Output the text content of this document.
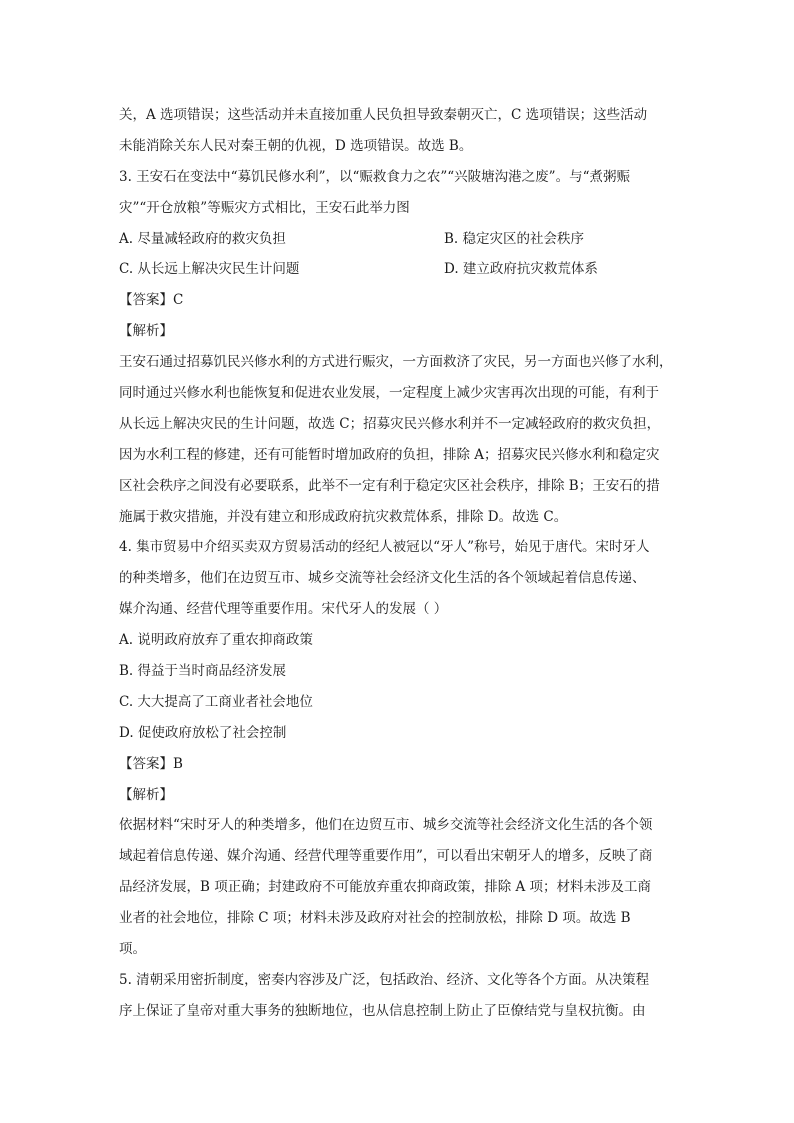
关，A 选项错误；这些活动并未直接加重人民负担导致秦朝灭亡，C 选项错误；这些活动
未能消除关东人民对秦王朝的仇视，D 选项错误。故选 B。
3. 王安石在变法中“募饥民修水利”，以“赈救食力之农”“兴陂塘沟港之废”。与“煮粥赈
灾”“开仓放粮”等赈灾方式相比，王安石此举力图
A. 尽量减轻政府的救灾负担	B. 稳定灾区的社会秩序
C. 从长远上解决灾民生计问题	D. 建立政府抗灾救荒体系
【答案】C
【解析】
王安石通过招募饥民兴修水利的方式进行赈灾，一方面救济了灾民，另一方面也兴修了水利，
同时通过兴修水利也能恢复和促进农业发展，一定程度上减少灾害再次出现的可能，有利于
从长远上解决灾民的生计问题，故选 C；招募灾民兴修水利并不一定减轻政府的救灾负担，
因为水利工程的修建，还有可能暂时增加政府的负担，排除 A；招募灾民兴修水利和稳定灾
区社会秩序之间没有必要联系，此举不一定有利于稳定灾区社会秩序，排除 B；王安石的措
施属于救灾措施，并没有建立和形成政府抗灾救荒体系，排除 D。故选 C。
4. 集市贸易中介绍买卖双方贸易活动的经纪人被冠以“牙人”称号，始见于唐代。宋时牙人
的种类增多，他们在边贸互市、城乡交流等社会经济文化生活的各个领域起着信息传递、
媒介沟通、经营代理等重要作用。宋代牙人的发展（ ）
A. 说明政府放弃了重农抑商政策
B. 得益于当时商品经济发展
C. 大大提高了工商业者社会地位
D. 促使政府放松了社会控制
【答案】B
【解析】
依据材料“宋时牙人的种类增多，他们在边贸互市、城乡交流等社会经济文化生活的各个领
域起着信息传递、媒介沟通、经营代理等重要作用”，可以看出宋朝牙人的增多，反映了商
品经济发展，B 项正确；封建政府不可能放弃重农抑商政策，排除 A 项；材料未涉及工商
业者的社会地位，排除 C 项；材料未涉及政府对社会的控制放松，排除 D 项。故选 B
项。
5. 清朝采用密折制度，密奏内容涉及广泛，包括政治、经济、文化等各个方面。从决策程
序上保证了皇帝对重大事务的独断地位，也从信息控制上防止了臣僚结党与皇权抗衡。由
